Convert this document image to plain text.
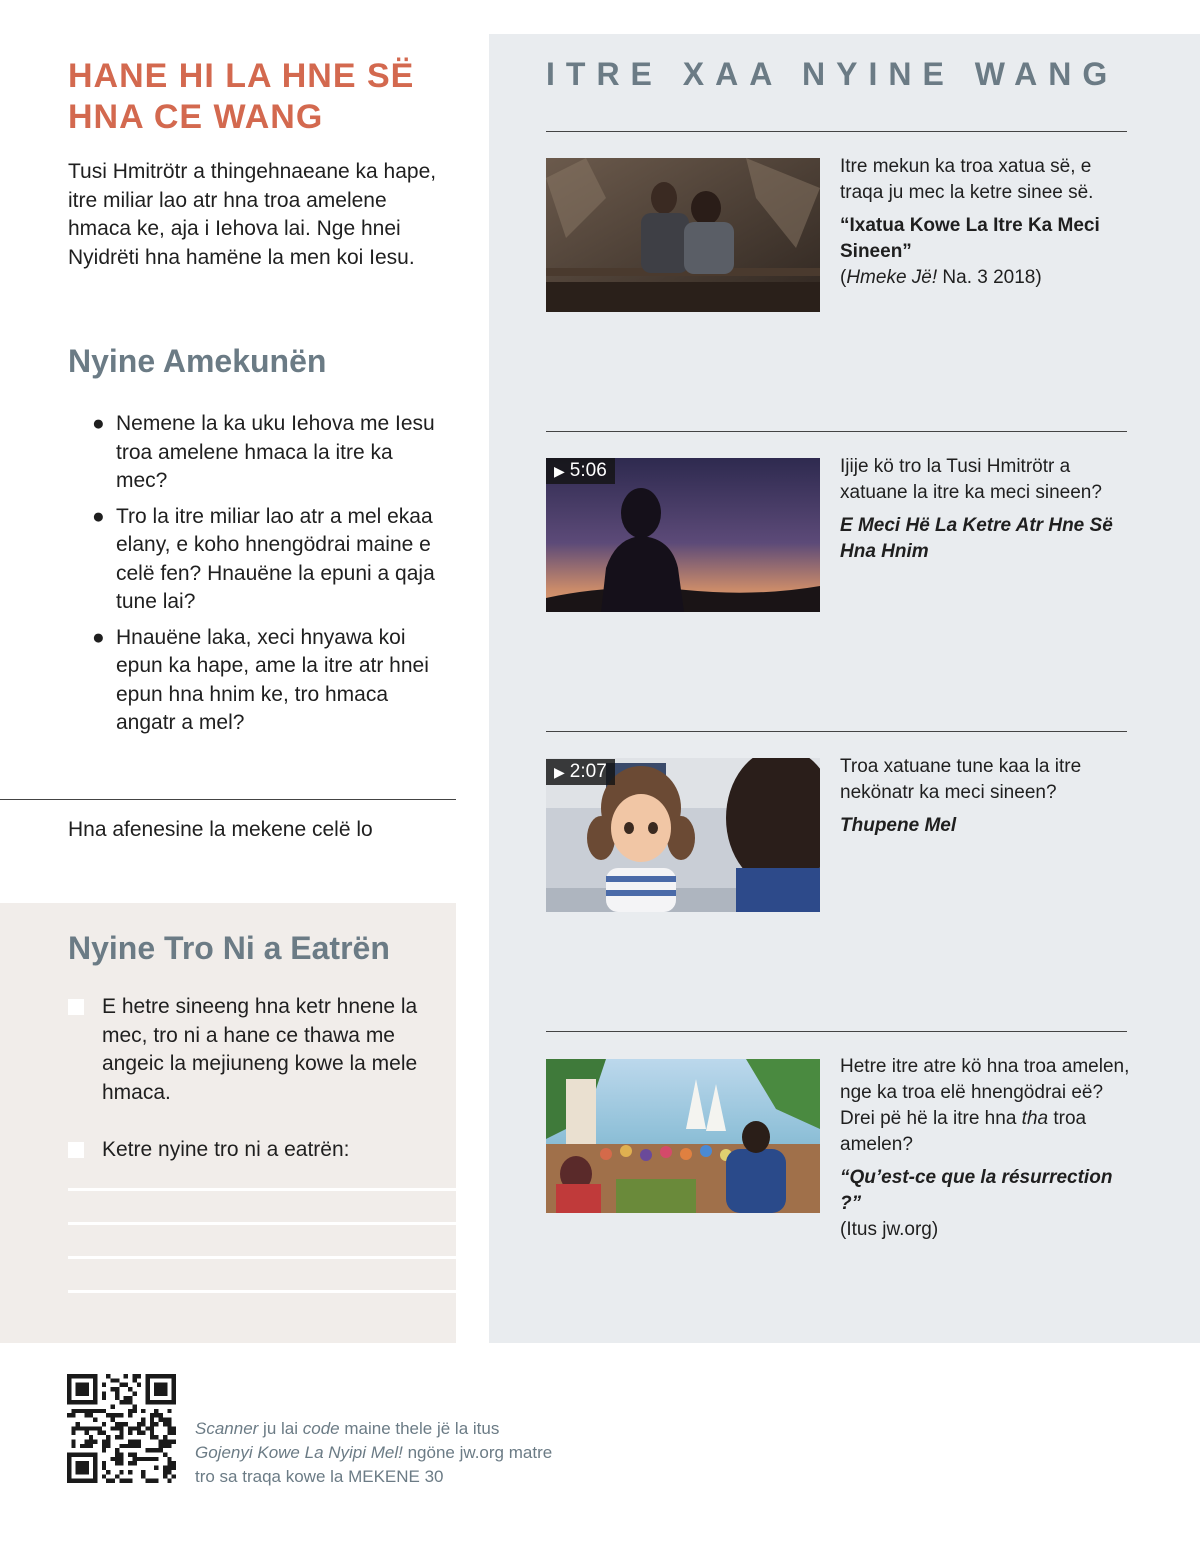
HANE HI LA HNE SË HNA CE WANG

Tusi Hmitrötr a thingehnaeane ka hape, itre miliar lao atr hna troa amelene hmaca ke, aja i Iehova lai. Nge hnei Nyidrëti hna hamëne la men koi Iesu.

Nyine Amekunën
● Nemene la ka uku Iehova me Iesu troa amelene hmaca la itre ka mec?
● Tro la itre miliar lao atr a mel ekaa elany, e koho hnengödrai maine e celë fen? Hnauëne la epuni a qaja tune lai?
● Hnauëne laka, xeci hnyawa koi epun ka hape, ame la itre atr hnei epun hna hnim ke, tro hmaca angatr a mel?
Hna afenesine la mekene celë lo
Nyine Tro Ni a Eatrën
E hetre sineeng hna ketr hnene la mec, tro ni a hane ce thawa me angeic la mejiuneng kowe la mele hmaca.
Ketre nyine tro ni a eatrën:
ITRE XAA NYINE WANG
Itre mekun ka troa xatua së, e traqa ju mec la ketre sinee së.
“Ixatua Kowe La Itre Ka Meci Sineen”
(Hmeke Jë! Na. 3 2018)
▶ 5:06	Ijije kö tro la Tusi Hmitrötr a xatuane la itre ka meci sineen?
E Meci Hë La Ketre Atr Hne Së Hna Hnim
▶ 2:07	Troa xatuane tune kaa la itre nekönatr ka meci sineen?
Thupene Mel
Hetre itre atre kö hna troa amelen, nge ka troa elë hnengödrai eë? Drei pë hë la itre hna tha troa amelen?
“Qu’est-ce que la résurrection ?”
(Itus jw.org)
Scanner ju lai code maine thele jë la itus Gojenyi Kowe La Nyipi Mel! ngöne jw.org matre tro sa traqa kowe la MEKENE 30
